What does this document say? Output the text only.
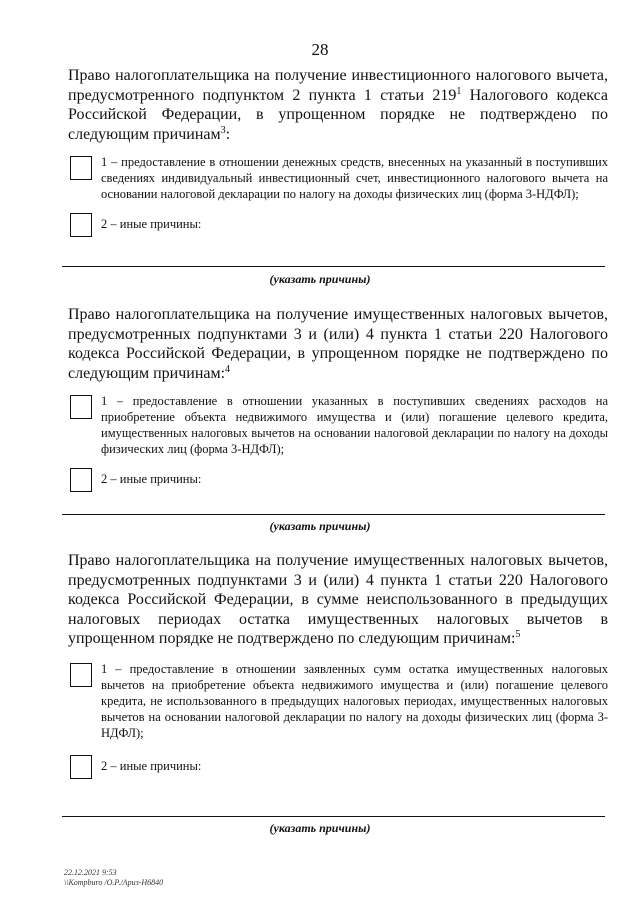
28

Право налогоплательщика на получение инвестиционного налогового вычета, предусмотренного подпунктом 2 пункта 1 статьи $219^1$ Налогового кодекса Российской Федерации, в упрощенном порядке не подтверждено по следующим причинам$^3$:

1 – предоставление в отношении денежных средств, внесенных на указанный в поступивших сведениях индивидуальный инвестиционный счет, инвестиционного налогового вычета на основании налоговой декларации по налогу на доходы физических лиц (форма 3-НДФЛ);
2 – иные причины:
(указать причины)

Право налогоплательщика на получение имущественных налоговых вычетов, предусмотренных подпунктами 3 и (или) 4 пункта 1 статьи 220 Налогового кодекса Российской Федерации, в упрощенном порядке не подтверждено по следующим причинам:$^4$

1 – предоставление в отношении указанных в поступивших сведениях расходов на приобретение объекта недвижимого имущества и (или) погашение целевого кредита, имущественных налоговых вычетов на основании налоговой декларации по налогу на доходы физических лиц (форма 3-НДФЛ);
2 – иные причины:
(указать причины)

Право налогоплательщика на получение имущественных налоговых вычетов, предусмотренных подпунктами 3 и (или) 4 пункта 1 статьи 220 Налогового кодекса Российской Федерации, в сумме неиспользованного в предыдущих налоговых периодах остатка имущественных налоговых вычетов в упрощенном порядке не подтверждено по следующим причинам:$^5$

1 – предоставление в отношении заявленных сумм остатка имущественных налоговых вычетов на приобретение объекта недвижимого имущества и (или) погашение целевого кредита, не использованного в предыдущих налоговых периодах, имущественных налоговых вычетов на основании налоговой декларации по налогу на доходы физических лиц (форма 3-НДФЛ);
2 – иные причины:
(указать причины)
22.12.2021 9:53
\\Kompburo /О.Р./Ариз-Н6840
